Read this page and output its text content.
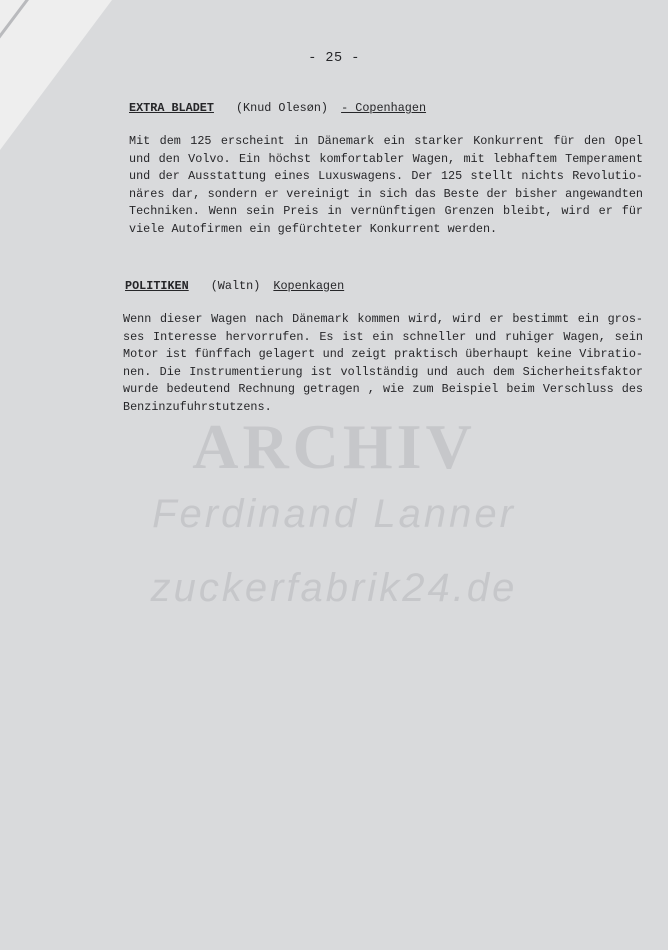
ARCHIV
Ferdinand Lanner
zuckerfabrik24.de
- 25 -
EXTRA BLADET (Knud Olesøn) - Copenhagen
Mit dem 125 erscheint in Dänemark ein starker Konkurrent für den Opel
und den Volvo. Ein höchst komfortabler Wagen, mit lebhaftem Temperament
und der Ausstattung eines Luxuswagens. Der 125 stellt nichts Revolutio-
näres dar, sondern er vereinigt in sich das Beste der bisher angewandten
Techniken. Wenn sein Preis in vernünftigen Grenzen bleibt, wird er für
viele Autofirmen ein gefürchteter Konkurrent werden.
POLITIKEN (Waltn) Kopenkagen
Wenn dieser Wagen nach Dänemark kommen wird, wird er bestimmt ein gros-
ses Interesse hervorrufen. Es ist ein schneller und ruhiger Wagen, sein
Motor ist fünffach gelagert und zeigt praktisch überhaupt keine Vibratio-
nen. Die Instrumentierung ist vollständig und auch dem Sicherheitsfaktor
wurde bedeutend Rechnung getragen , wie zum Beispiel beim Verschluss des
Benzinzufuhrstutzens.
